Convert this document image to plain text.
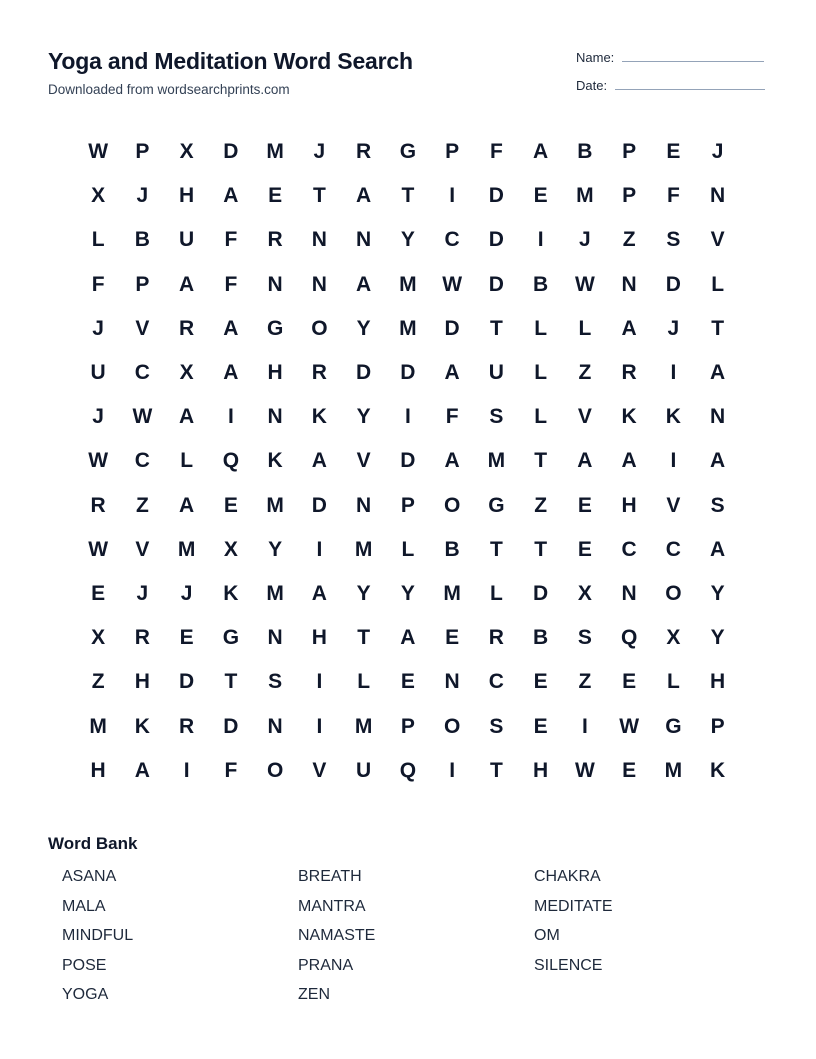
Yoga and Meditation Word Search
Downloaded from wordsearchprints.com
Name:
Date:
W	P	X	D	M	J	R	G	P	F	A	B	P	E	J
X	J	H	A	E	T	A	T	I	D	E	M	P	F	N
L	B	U	F	R	N	N	Y	C	D	I	J	Z	S	V
F	P	A	F	N	N	A	M	W	D	B	W	N	D	L
J	V	R	A	G	O	Y	M	D	T	L	L	A	J	T
U	C	X	A	H	R	D	D	A	U	L	Z	R	I	A
J	W	A	I	N	K	Y	I	F	S	L	V	K	K	N
W	C	L	Q	K	A	V	D	A	M	T	A	A	I	A
R	Z	A	E	M	D	N	P	O	G	Z	E	H	V	S
W	V	M	X	Y	I	M	L	B	T	T	E	C	C	A
E	J	J	K	M	A	Y	Y	M	L	D	X	N	O	Y
X	R	E	G	N	H	T	A	E	R	B	S	Q	X	Y
Z	H	D	T	S	I	L	E	N	C	E	Z	E	L	H
M	K	R	D	N	I	M	P	O	S	E	I	W	G	P
H	A	I	F	O	V	U	Q	I	T	H	W	E	M	K
Word Bank
ASANA	BREATH	CHAKRA
MALA	MANTRA	MEDITATE
MINDFUL	NAMASTE	OM
POSE	PRANA	SILENCE
YOGA	ZEN
